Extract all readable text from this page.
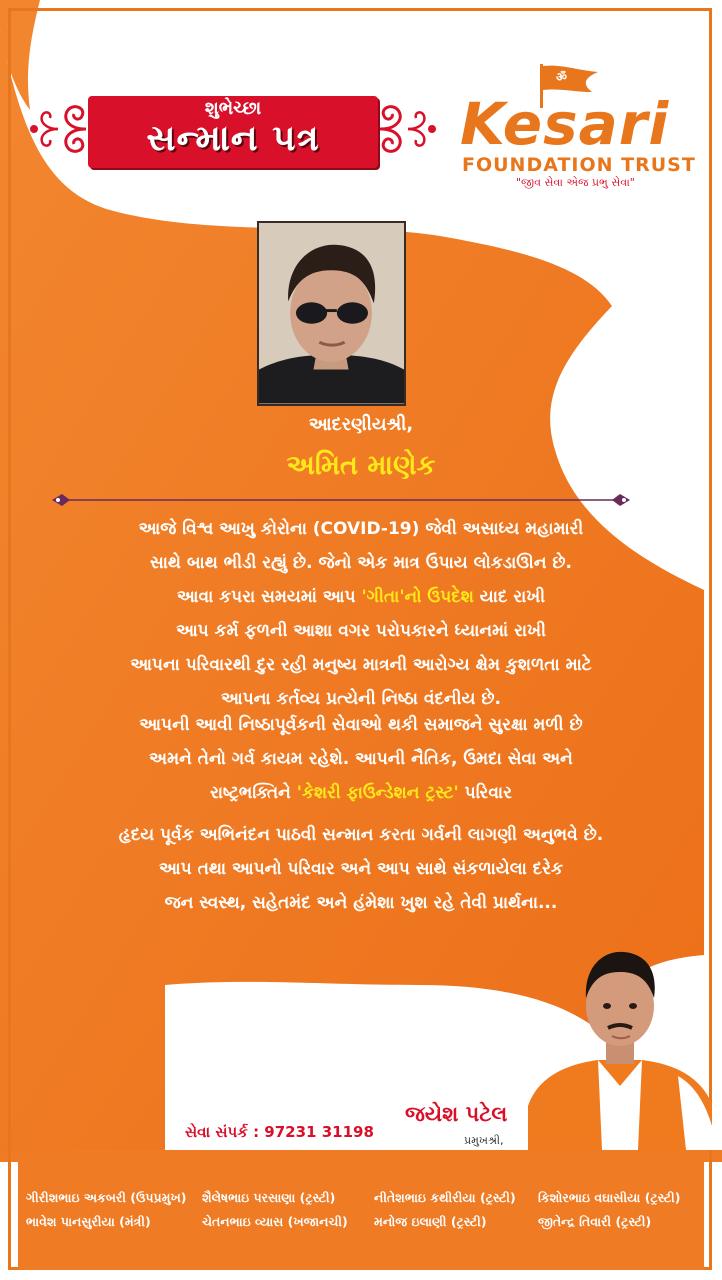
શુભેચ્છા
સન્માન પત્ર
ॐ
Kesari
FOUNDATION TRUST
"જીવ સેવા એજ પ્રભુ સેવા"
આદરણીયશ્રી,
અમિત માણેક
આજે વિશ્વ આખુ કોરોના (COVID-19) જેવી અસાધ્ય મહામારી
સાથે બાથ ભીડી રહ્યું છે. જેનો એક માત્ર ઉપાય લોકડાઊન છે.
આવા કપરા સમયમાં આપ 'ગીતા'નો ઉપદેશ યાદ રાખી
આપ કર્મ ફળની આશા વગર પરોપકારને ધ્યાનમાં રાખી
આપના પરિવારથી દુર રહી મનુષ્ય માત્રની આરોગ્ય ક્ષેમ કુશળતા માટે
આપના કર્તવ્ય પ્રત્યેની નિષ્ઠા વંદનીય છે.
આપની આવી નિષ્ઠાપૂર્વકની સેવાઓ થકી સમાજને સુરક્ષા મળી છે
અમને તેનો ગર્વ કાયમ રહેશે. આપની નૈતિક, ઉમદા સેવા અને
રાષ્ટ્રભક્તિને 'કેશરી ફાઉન્ડેશન ટ્રસ્ટ' પરિવાર
હૃદય પૂર્વક અભિનંદન પાઠવી સન્માન કરતા ગર્વની લાગણી અનુભવે છે.
આપ તથા આપનો પરિવાર અને આપ સાથે સંકળાયેલા દરેક
જન સ્વસ્થ, સહેતમંદ અને હંમેશા ખુશ રહે તેવી પ્રાર્થના...
જયેશ પટેલ
પ્રમુખશ્રી,
સેવા સંપર્ક : 97231 31198
ગીરીશભાઇ અકબરી (ઉપપ્રમુખ)	શૈલેષભાઇ પરસાણા (ટ્રસ્ટી)	નીતેશભાઇ કથીરીયા (ટ્રસ્ટી)	કિશોરભાઇ વઘાસીયા (ટ્રસ્ટી)
ભાવેશ પાનસુરીયા (મંત્રી)	ચેતનભાઇ વ્યાસ (ખજાનચી)	મનોજ ઇલાણી (ટ્રસ્ટી)	જીતેન્દ્ર તિવારી (ટ્રસ્ટી)
